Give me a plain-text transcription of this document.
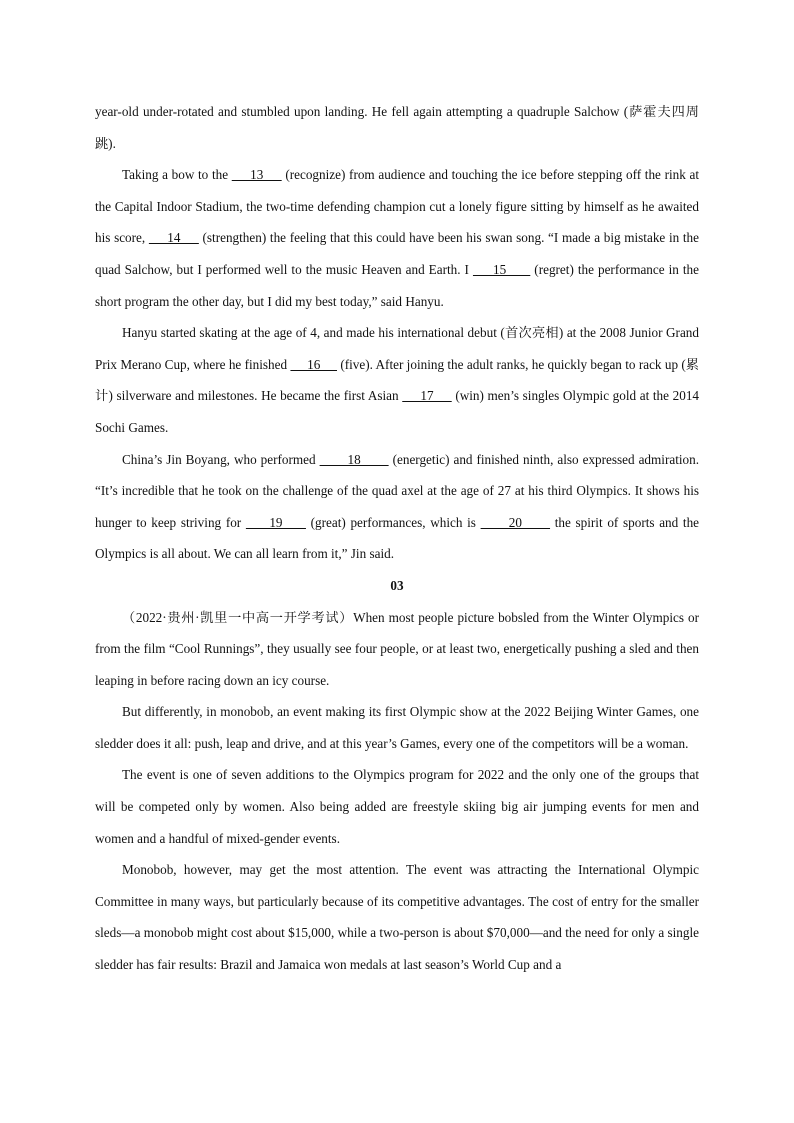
year-old under-rotated and stumbled upon landing. He fell again attempting a quadruple Salchow (萨霍夫四周跳).

Taking a bow to the      13      (recognize) from audience and touching the ice before stepping off the rink at the Capital Indoor Stadium, the two-time defending champion cut a lonely figure sitting by himself as he awaited his score,      14      (strengthen) the feeling that this could have been his swan song. “I made a big mistake in the quad Salchow, but I performed well to the music Heaven and Earth. I      15       (regret) the performance in the short program the other day, but I did my best today,” said Hanyu.

Hanyu started skating at the age of 4, and made his international debut (首次亮相) at the 2008 Junior Grand Prix Merano Cup, where he finished      16      (five). After joining the adult ranks, he quickly began to rack up (累计) silverware and milestones. He became the first Asian      17      (win) men’s singles Olympic gold at the 2014 Sochi Games.

China’s Jin Boyang, who performed        18        (energetic) and finished ninth, also expressed admiration. “It’s incredible that he took on the challenge of the quad axel at the age of 27 at his third Olympics. It shows his hunger to keep striving for      19      (great) performances, which is       20       the spirit of sports and the Olympics is all about. We can all learn from it,” Jin said.

03

（2022·贵州·凯里一中高一开学考试）When most people picture bobsled from the Winter Olympics or from the film “Cool Runnings”, they usually see four people, or at least two, energetically pushing a sled and then leaping in before racing down an icy course.

But differently, in monobob, an event making its first Olympic show at the 2022 Beijing Winter Games, one sledder does it all: push, leap and drive, and at this year’s Games, every one of the competitors will be a woman.

The event is one of seven additions to the Olympics program for 2022 and the only one of the groups that will be competed only by women. Also being added are freestyle skiing big air jumping events for men and women and a handful of mixed-gender events.

Monobob, however, may get the most attention. The event was attracting the International Olympic Committee in many ways, but particularly because of its competitive advantages. The cost of entry for the smaller sleds—a monobob might cost about $15,000, while a two-person is about $70,000—and the need for only a single sledder has fair results: Brazil and Jamaica won medals at last season’s World Cup and a
